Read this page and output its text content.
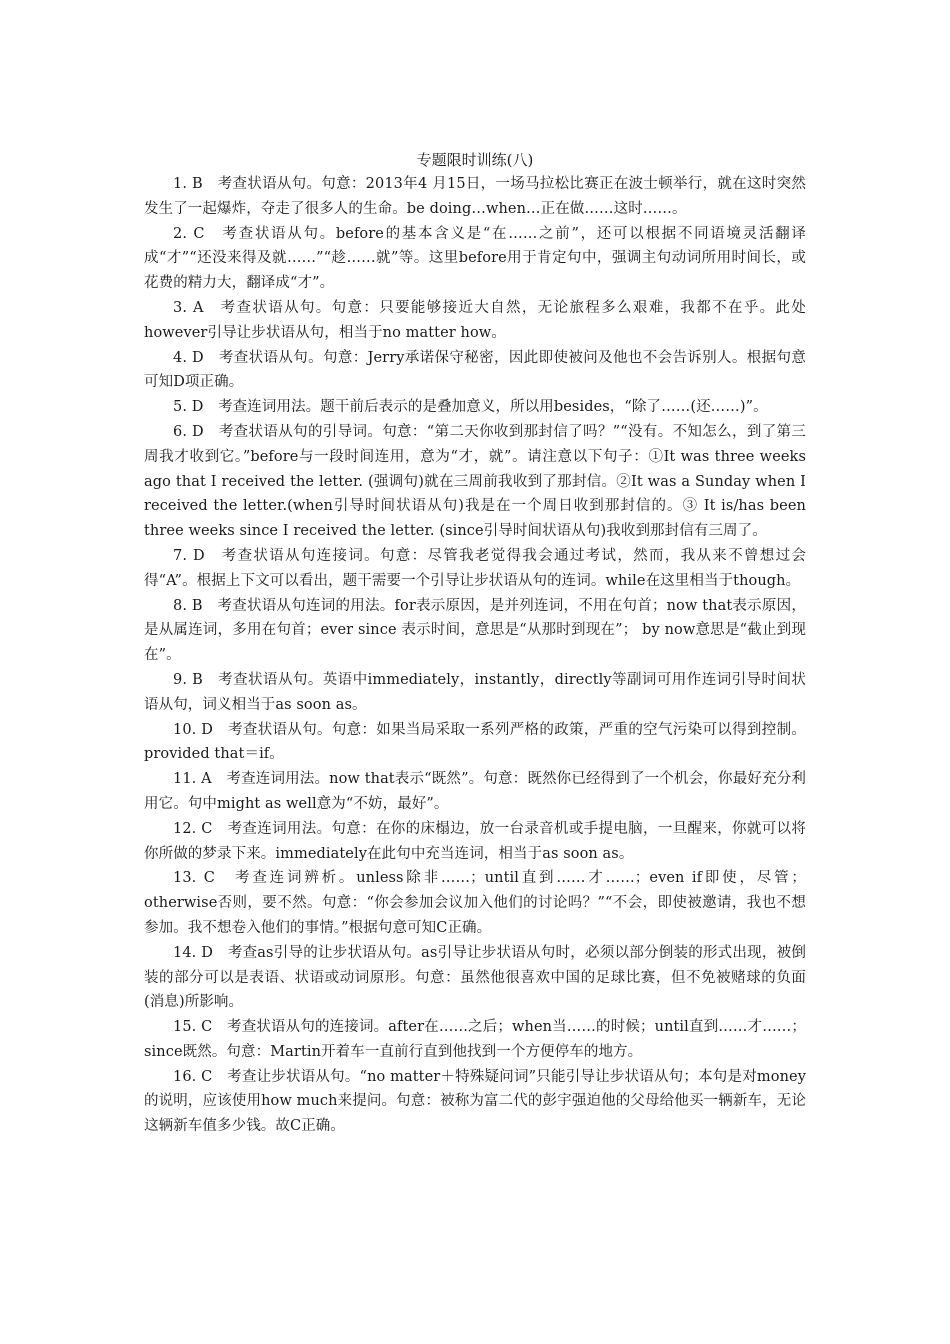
专题限时训练(八)

1. B　考查状语从句。句意：2013年4 月15日，一场马拉松比赛正在波士顿举行，就在这时突然发生了一起爆炸，夺走了很多人的生命。be doing…when…正在做……这时……。

2. C　考查状语从句。before的基本含义是“在……之前”，还可以根据不同语境灵活翻译成“才”“还没来得及就……”“趁……就”等。这里before用于肯定句中，强调主句动词所用时间长，或花费的精力大，翻译成“才”。

3. A　考查状语从句。句意：只要能够接近大自然，无论旅程多么艰难，我都不在乎。此处however引导让步状语从句，相当于no matter how。

4. D　考查状语从句。句意：Jerry承诺保守秘密，因此即使被问及他也不会告诉别人。根据句意可知D项正确。

5. D　考查连词用法。题干前后表示的是叠加意义，所以用besides，“除了……(还……)”。

6. D　考查状语从句的引导词。句意：“第二天你收到那封信了吗？”“没有。不知怎么，到了第三周我才收到它。”before与一段时间连用，意为“才，就”。请注意以下句子：①It was three weeks ago that I received the letter. (强调句)就在三周前我收到了那封信。②It was a Sunday when I received the letter.(when引导时间状语从句)我是在一个周日收到那封信的。③ It is/has been three weeks since I received the letter. (since引导时间状语从句)我收到那封信有三周了。

7. D　考查状语从句连接词。句意：尽管我老觉得我会通过考试，然而，我从来不曾想过会得“A”。根据上下文可以看出，题干需要一个引导让步状语从句的连词。while在这里相当于though。

8. B　考查状语从句连词的用法。for表示原因，是并列连词，不用在句首；now that表示原因，是从属连词，多用在句首；ever since 表示时间，意思是“从那时到现在”； by now意思是“截止到现在”。

9. B　考查状语从句。英语中immediately，instantly，directly等副词可用作连词引导时间状语从句，词义相当于as soon as。

10. D　考查状语从句。句意：如果当局采取一系列严格的政策，严重的空气污染可以得到控制。provided that＝if。

11. A　考查连词用法。now that表示“既然”。句意：既然你已经得到了一个机会，你最好充分利用它。句中might as well意为“不妨，最好”。

12. C　考查连词用法。句意：在你的床榻边，放一台录音机或手提电脑，一旦醒来，你就可以将你所做的梦录下来。immediately在此句中充当连词，相当于as soon as。

13. C　考查连词辨析。unless除非……；until直到……才……；even if即使，尽管；otherwise否则，要不然。句意：“你会参加会议加入他们的讨论吗？”“不会，即使被邀请，我也不想参加。我不想卷入他们的事情。”根据句意可知C正确。

14. D　考查as引导的让步状语从句。as引导让步状语从句时，必须以部分倒装的形式出现，被倒装的部分可以是表语、状语或动词原形。句意：虽然他很喜欢中国的足球比赛，但不免被赌球的负面(消息)所影响。

15. C　考查状语从句的连接词。after在……之后；when当……的时候；until直到……才……；since既然。句意：Martin开着车一直前行直到他找到一个方便停车的地方。

16. C　考查让步状语从句。“no matter＋特殊疑问词”只能引导让步状语从句；本句是对money的说明，应该使用how much来提问。句意：被称为富二代的彭宇强迫他的父母给他买一辆新车，无论这辆新车值多少钱。故C正确。
